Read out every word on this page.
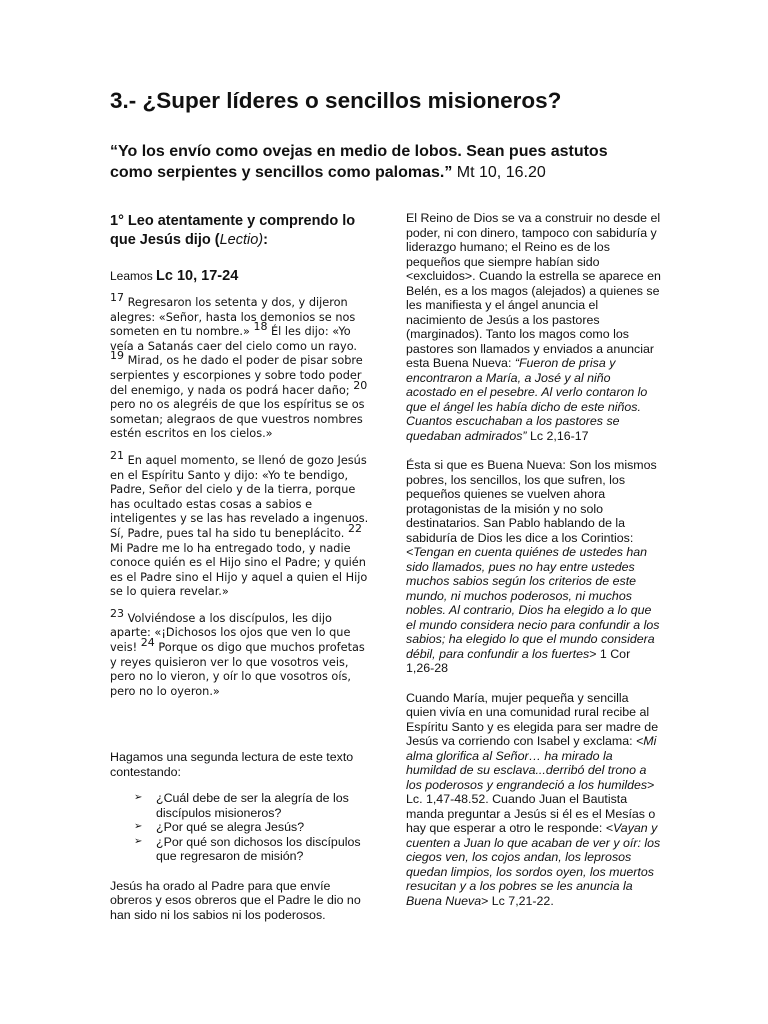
3.- ¿Super líderes o sencillos misioneros?

“Yo los envío como ovejas en medio de lobos. Sean pues astutos como serpientes y sencillos como palomas.” Mt 10, 16.20

1° Leo atentamente y comprendo lo que Jesús dijo (Lectio):

Leamos Lc 10, 17-24

$^{17}$ Regresaron los setenta y dos, y dijeron alegres: «Señor, hasta los demonios se nos someten en tu nombre.» $^{18}$ Él les dijo: «Yo veía a Satanás caer del cielo como un rayo. $^{19}$ Mirad, os he dado el poder de pisar sobre serpientes y escorpiones y sobre todo poder del enemigo, y nada os podrá hacer daño; $^{20}$ pero no os alegréis de que los espíritus se os sometan; alegraos de que vuestros nombres estén escritos en los cielos.»

$^{21}$ En aquel momento, se llenó de gozo Jesús en el Espíritu Santo y dijo: «Yo te bendigo, Padre, Señor del cielo y de la tierra, porque has ocultado estas cosas a sabios e inteligentes y se las has revelado a ingenuos. Sí, Padre, pues tal ha sido tu beneplácito. $^{22}$ Mi Padre me lo ha entregado todo, y nadie conoce quién es el Hijo sino el Padre; y quién es el Padre sino el Hijo y aquel a quien el Hijo se lo quiera revelar.»

$^{23}$ Volviéndose a los discípulos, les dijo aparte: «¡Dichosos los ojos que ven lo que veis! $^{24}$ Porque os digo que muchos profetas y reyes quisieron ver lo que vosotros veis, pero no lo vieron, y oír lo que vosotros oís, pero no lo oyeron.»

Hagamos una segunda lectura de este texto contestando:

➢ ¿Cuál debe de ser la alegría de los discípulos misioneros?
➢ ¿Por qué se alegra Jesús?
➢ ¿Por qué son dichosos los discípulos que regresaron de misión?

Jesús ha orado al Padre para que envíe obreros y esos obreros que el Padre le dio no han sido ni los sabios ni los poderosos.

El Reino de Dios se va a construir no desde el poder, ni con dinero, tampoco con sabiduría y liderazgo humano; el Reino es de los pequeños que siempre habían sido <excluidos>. Cuando la estrella se aparece en Belén, es a los magos (alejados) a quienes se les manifiesta y el ángel anuncia el nacimiento de Jesús a los pastores (marginados). Tanto los magos como los pastores son llamados y enviados a anunciar esta Buena Nueva: “Fueron de prisa y encontraron a María, a José y al niño acostado en el pesebre. Al verlo contaron lo que el ángel les había dicho de este niños. Cuantos escuchaban a los pastores se quedaban admirados” Lc 2,16-17

Ésta si que es Buena Nueva: Son los mismos pobres, los sencillos, los que sufren, los pequeños quienes se vuelven ahora protagonistas de la misión y no solo destinatarios. San Pablo hablando de la sabiduría de Dios les dice a los Corintios: <Tengan en cuenta quiénes de ustedes han sido llamados, pues no hay entre ustedes muchos sabios según los criterios de este mundo, ni muchos poderosos, ni muchos nobles. Al contrario, Dios ha elegido a lo que el mundo considera necio para confundir a los sabios; ha elegido lo que el mundo considera débil, para confundir a los fuertes> 1 Cor 1,26-28

Cuando María, mujer pequeña y sencilla quien vivía en una comunidad rural recibe al Espíritu Santo y es elegida para ser madre de Jesús va corriendo con Isabel y exclama: <Mi alma glorifica al Señor… ha mirado la humildad de su esclava...derribó del trono a los poderosos y engrandeció a los humildes> Lc. 1,47-48.52. Cuando Juan el Bautista manda preguntar a Jesús si él es el Mesías o hay que esperar a otro le responde: <Vayan y cuenten a Juan lo que acaban de ver y oír: los ciegos ven, los cojos andan, los leprosos quedan limpios, los sordos oyen, los muertos resucitan y a los pobres se les anuncia la Buena Nueva> Lc 7,21-22.
